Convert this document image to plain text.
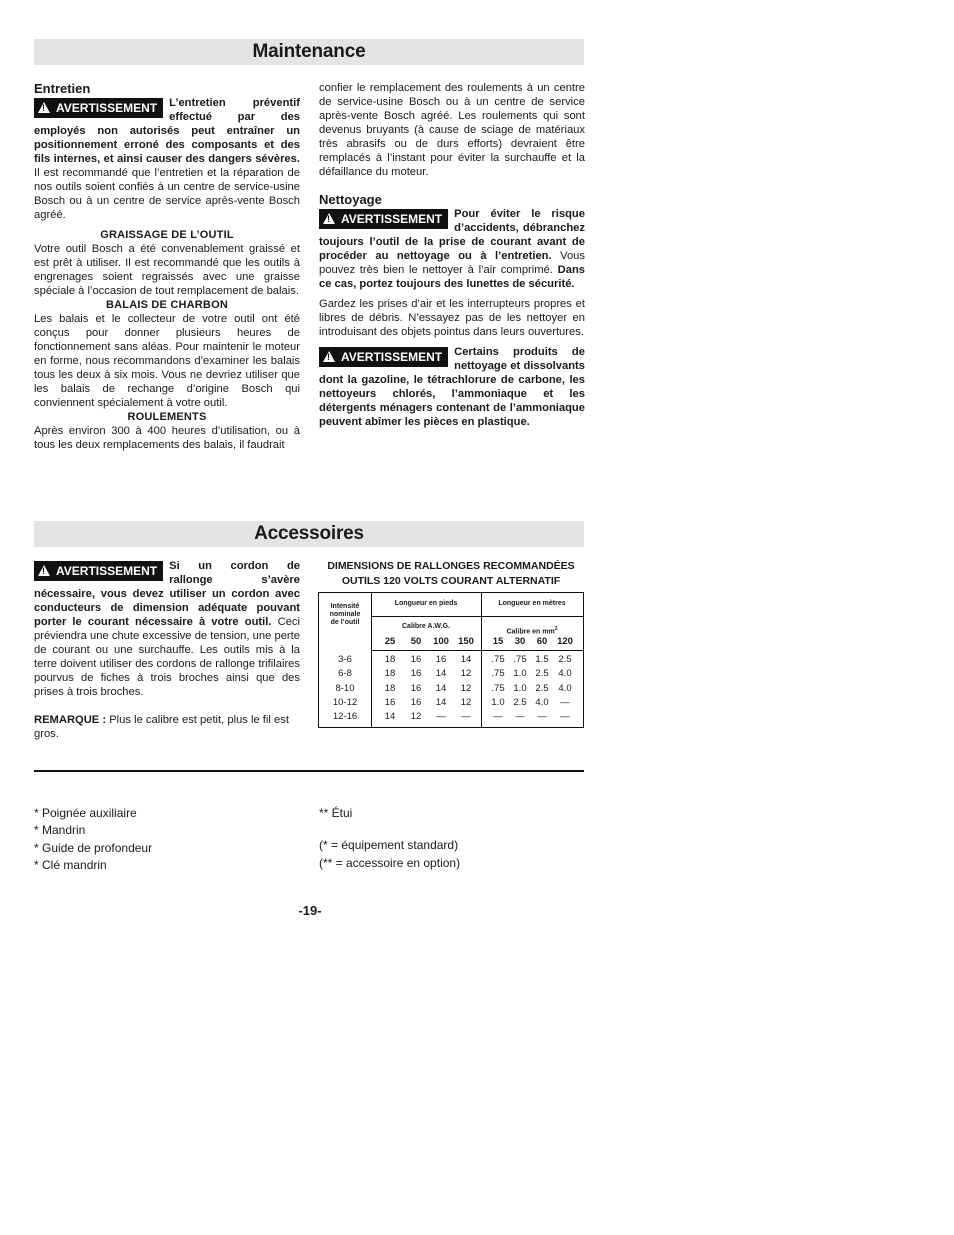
Maintenance

Entretien

!AVERTISSEMENT	L’entretien préventif effectué par des employés non autorisés peut entraîner un positionnement erroné des composants et des fils internes, et ainsi causer des dangers sévères. Il est recommandé que l’entretien et la réparation de nos outils soient confiés à un centre de service-usine Bosch ou à un centre de service après-vente Bosch agréé.

GRAISSAGE DE L’OUTIL

Votre outil Bosch a été convenablement graissé et est prêt à utiliser. Il est recommandé que les outils à engrenages soient regraissés avec une graisse spéciale à l’occasion de tout remplacement de balais.

BALAIS DE CHARBON

Les balais et le collecteur de votre outil ont été conçus pour donner plusieurs heures de fonctionnement sans aléas. Pour maintenir le moteur en forme, nous recommandons d’examiner les balais tous les deux à six mois. Vous ne devriez utiliser que les balais de rechange d’origine Bosch qui conviennent spécialement à votre outil.

ROULEMENTS

Après environ 300 à 400 heures d’utilisation, ou à tous les deux remplacements des balais, il faudrait

confier le remplacement des roulements à un centre de service-usine Bosch ou à un centre de service après-vente Bosch agréé. Les roulements qui sont devenus bruyants (à cause de sciage de matériaux très abrasifs ou de durs efforts) devraient être remplacés à l’instant pour éviter la surchauffe et la défaillance du moteur.

Nettoyage

!AVERTISSEMENT	Pour éviter le risque d’accidents, débranchez toujours l’outil de la prise de courant avant de procéder au nettoyage ou à l’entretien. Vous pouvez très bien le nettoyer à l’air comprimé. Dans ce cas, portez toujours des lunettes de sécurité.

Gardez les prises d’air et les interrupteurs propres et libres de débris. N’essayez pas de les nettoyer en introduisant des objets pointus dans leurs ouvertures.

!AVERTISSEMENT	Certains produits de nettoyage et dissolvants dont la gazoline, le tétrachlorure de carbone, les nettoyeurs chlorés, l’ammoniaque et les détergents ménagers contenant de l’ammoniaque peuvent abîmer les pièces en plastique.

Accessoires

!AVERTISSEMENT	Si un cordon de rallonge s’avère nécessaire, vous devez utiliser un cordon avec conducteurs de dimension adéquate pouvant porter le courant nécessaire à votre outil. Ceci préviendra une chute excessive de tension, une perte de courant ou une surchauffe. Les outils mis à la terre doivent utiliser des cordons de rallonge trifilaires pourvus de fiches à trois broches ainsi que des prises à trois broches.

REMARQUE : Plus le calibre est petit, plus le fil est gros.

DIMENSIONS DE RALLONGES RECOMMANDÉES
OUTILS 120 VOLTS COURANT ALTERNATIF
Intensité
nominale
de l’outil
Longueur en pieds	Longueur en mètres
Calibre A.W.G.
Calibre en $mm^2$
25	50	100 150	15	30	60	120
3-6	18	16	16	14	.75 .75 1.5	2.5
6-8	18	16	14	12	.75 1.0 2.5	4.0
8-10	18	16	14	12	.75 1.0 2.5	4.0
10-12	16	16	14	12	1.0 2.5 4.0	—
12-16	14	12	—	—	—	—	—	—
* Poignée auxiliaire
* Mandrin
* Guide de profondeur
* Clé mandrin
** Étui
(* = équipement standard)
(** = accessoire en option)
-19-
